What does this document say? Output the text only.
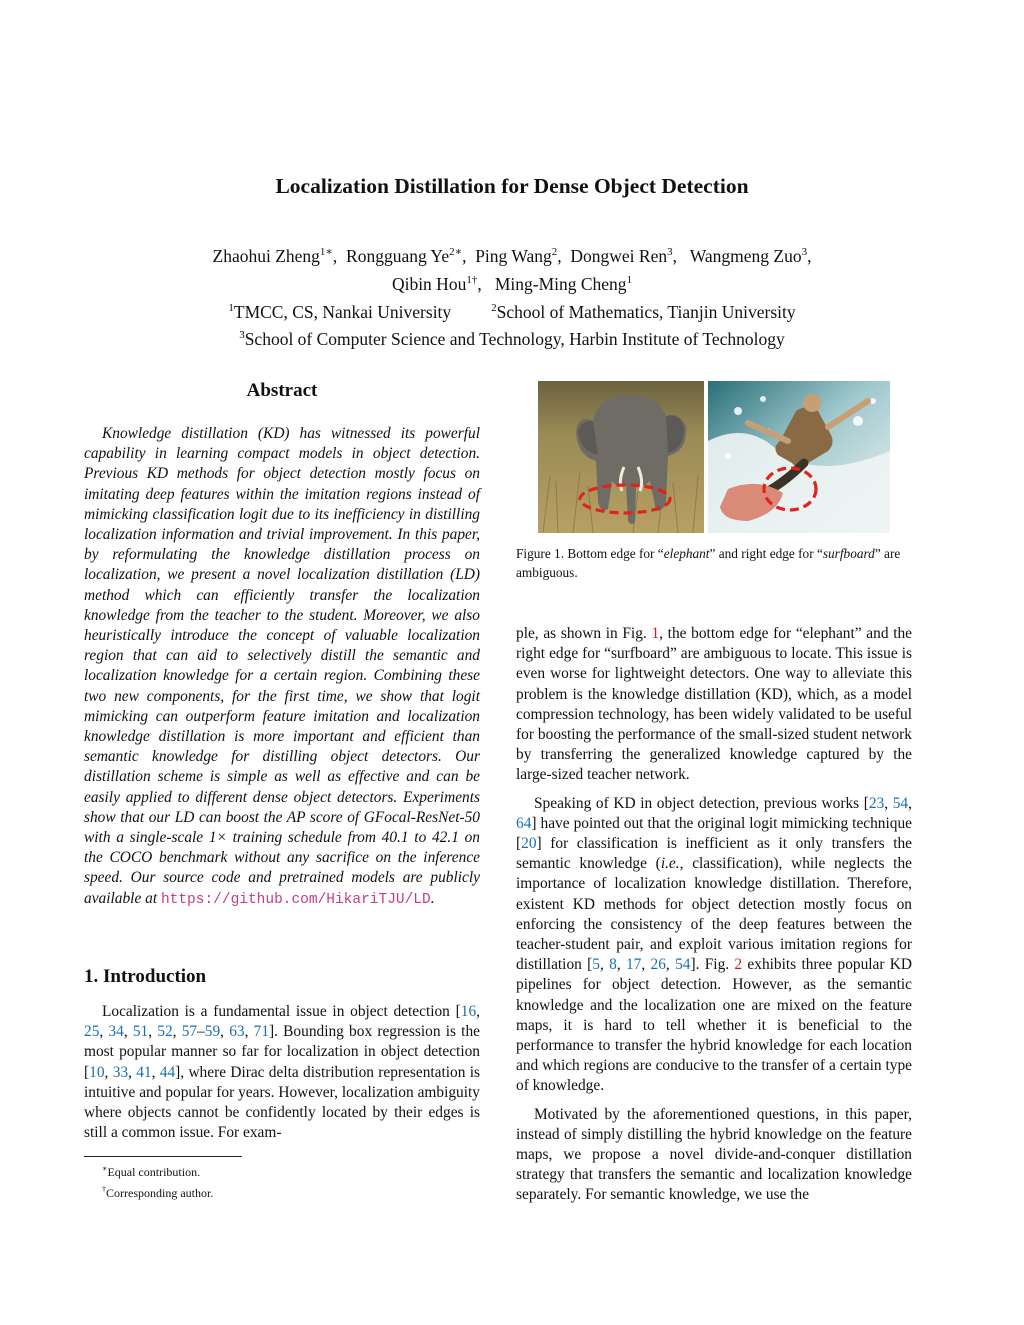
Localization Distillation for Dense Object Detection
Zhaohui Zheng$^{1∗}$,  Rongguang $Ye^{2∗}$,  Ping Wang$^2$,  Dongwei Ren$^3$,   Wangmeng Zuo$^3$,
Qibin Hou$^{1\dagger}$,   Ming-Ming Cheng$^1$
$^1$TMCC, CS, Nankai University	$^2$School of Mathematics, Tianjin University
$^3$School of Computer Science and Technology, Harbin Institute of Technology
Abstract
Knowledge distillation (KD) has witnessed its powerful capability in learning compact models in object detection. Previous KD methods for object detection mostly focus on imitating deep features within the imitation regions instead of mimicking classification logit due to its inefficiency in distilling localization information and trivial improvement. In this paper, by reformulating the knowledge distillation process on localization, we present a novel localization distillation (LD) method which can efficiently transfer the localization knowledge from the teacher to the student. Moreover, we also heuristically introduce the concept of valuable localization region that can aid to selectively distill the semantic and localization knowledge for a certain region. Combining these two new components, for the first time, we show that logit mimicking can outperform feature imitation and localization knowledge distillation is more important and efficient than semantic knowledge for distilling object detectors. Our distillation scheme is simple as well as effective and can be easily applied to different dense object detectors. Experiments show that our LD can boost the AP score of GFocal-ResNet-50 with a single-scale 1× training schedule from 40.1 to 42.1 on the COCO benchmark without any sacrifice on the inference speed. Our source code and pretrained models are publicly available at https://github.com/HikariTJU/LD.
1. Introduction
Localization is a fundamental issue in object detection [16, 25, 34, 51, 52, 57–59, 63, 71]. Bounding box regression is the most popular manner so far for localization in object detection [10, 33, 41, 44], where Dirac delta distribution representation is intuitive and popular for years. However, localization ambiguity where objects cannot be confidently located by their edges is still a common issue. For exam-
∗Equal contribution.
†Corresponding author.
Figure 1. Bottom edge for “elephant” and right edge for “surfboard” are ambiguous.

ple, as shown in Fig. 1, the bottom edge for “elephant” and the right edge for “surfboard” are ambiguous to locate. This issue is even worse for lightweight detectors. One way to alleviate this problem is the knowledge distillation (KD), which, as a model compression technology, has been widely validated to be useful for boosting the performance of the small-sized student network by transferring the generalized knowledge captured by the large-sized teacher network.

Speaking of KD in object detection, previous works [23, 54, 64] have pointed out that the original logit mimicking technique [20] for classification is inefficient as it only transfers the semantic knowledge (i.e., classification), while neglects the importance of localization knowledge distillation. Therefore, existent KD methods for object detection mostly focus on enforcing the consistency of the deep features between the teacher-student pair, and exploit various imitation regions for distillation [5, 8, 17, 26, 54]. Fig. 2 exhibits three popular KD pipelines for object detection. However, as the semantic knowledge and the localization one are mixed on the feature maps, it is hard to tell whether it is beneficial to the performance to transfer the hybrid knowledge for each location and which regions are conducive to the transfer of a certain type of knowledge.

Motivated by the aforementioned questions, in this paper, instead of simply distilling the hybrid knowledge on the feature maps, we propose a novel divide-and-conquer distillation strategy that transfers the semantic and localization knowledge separately. For semantic knowledge, we use the
